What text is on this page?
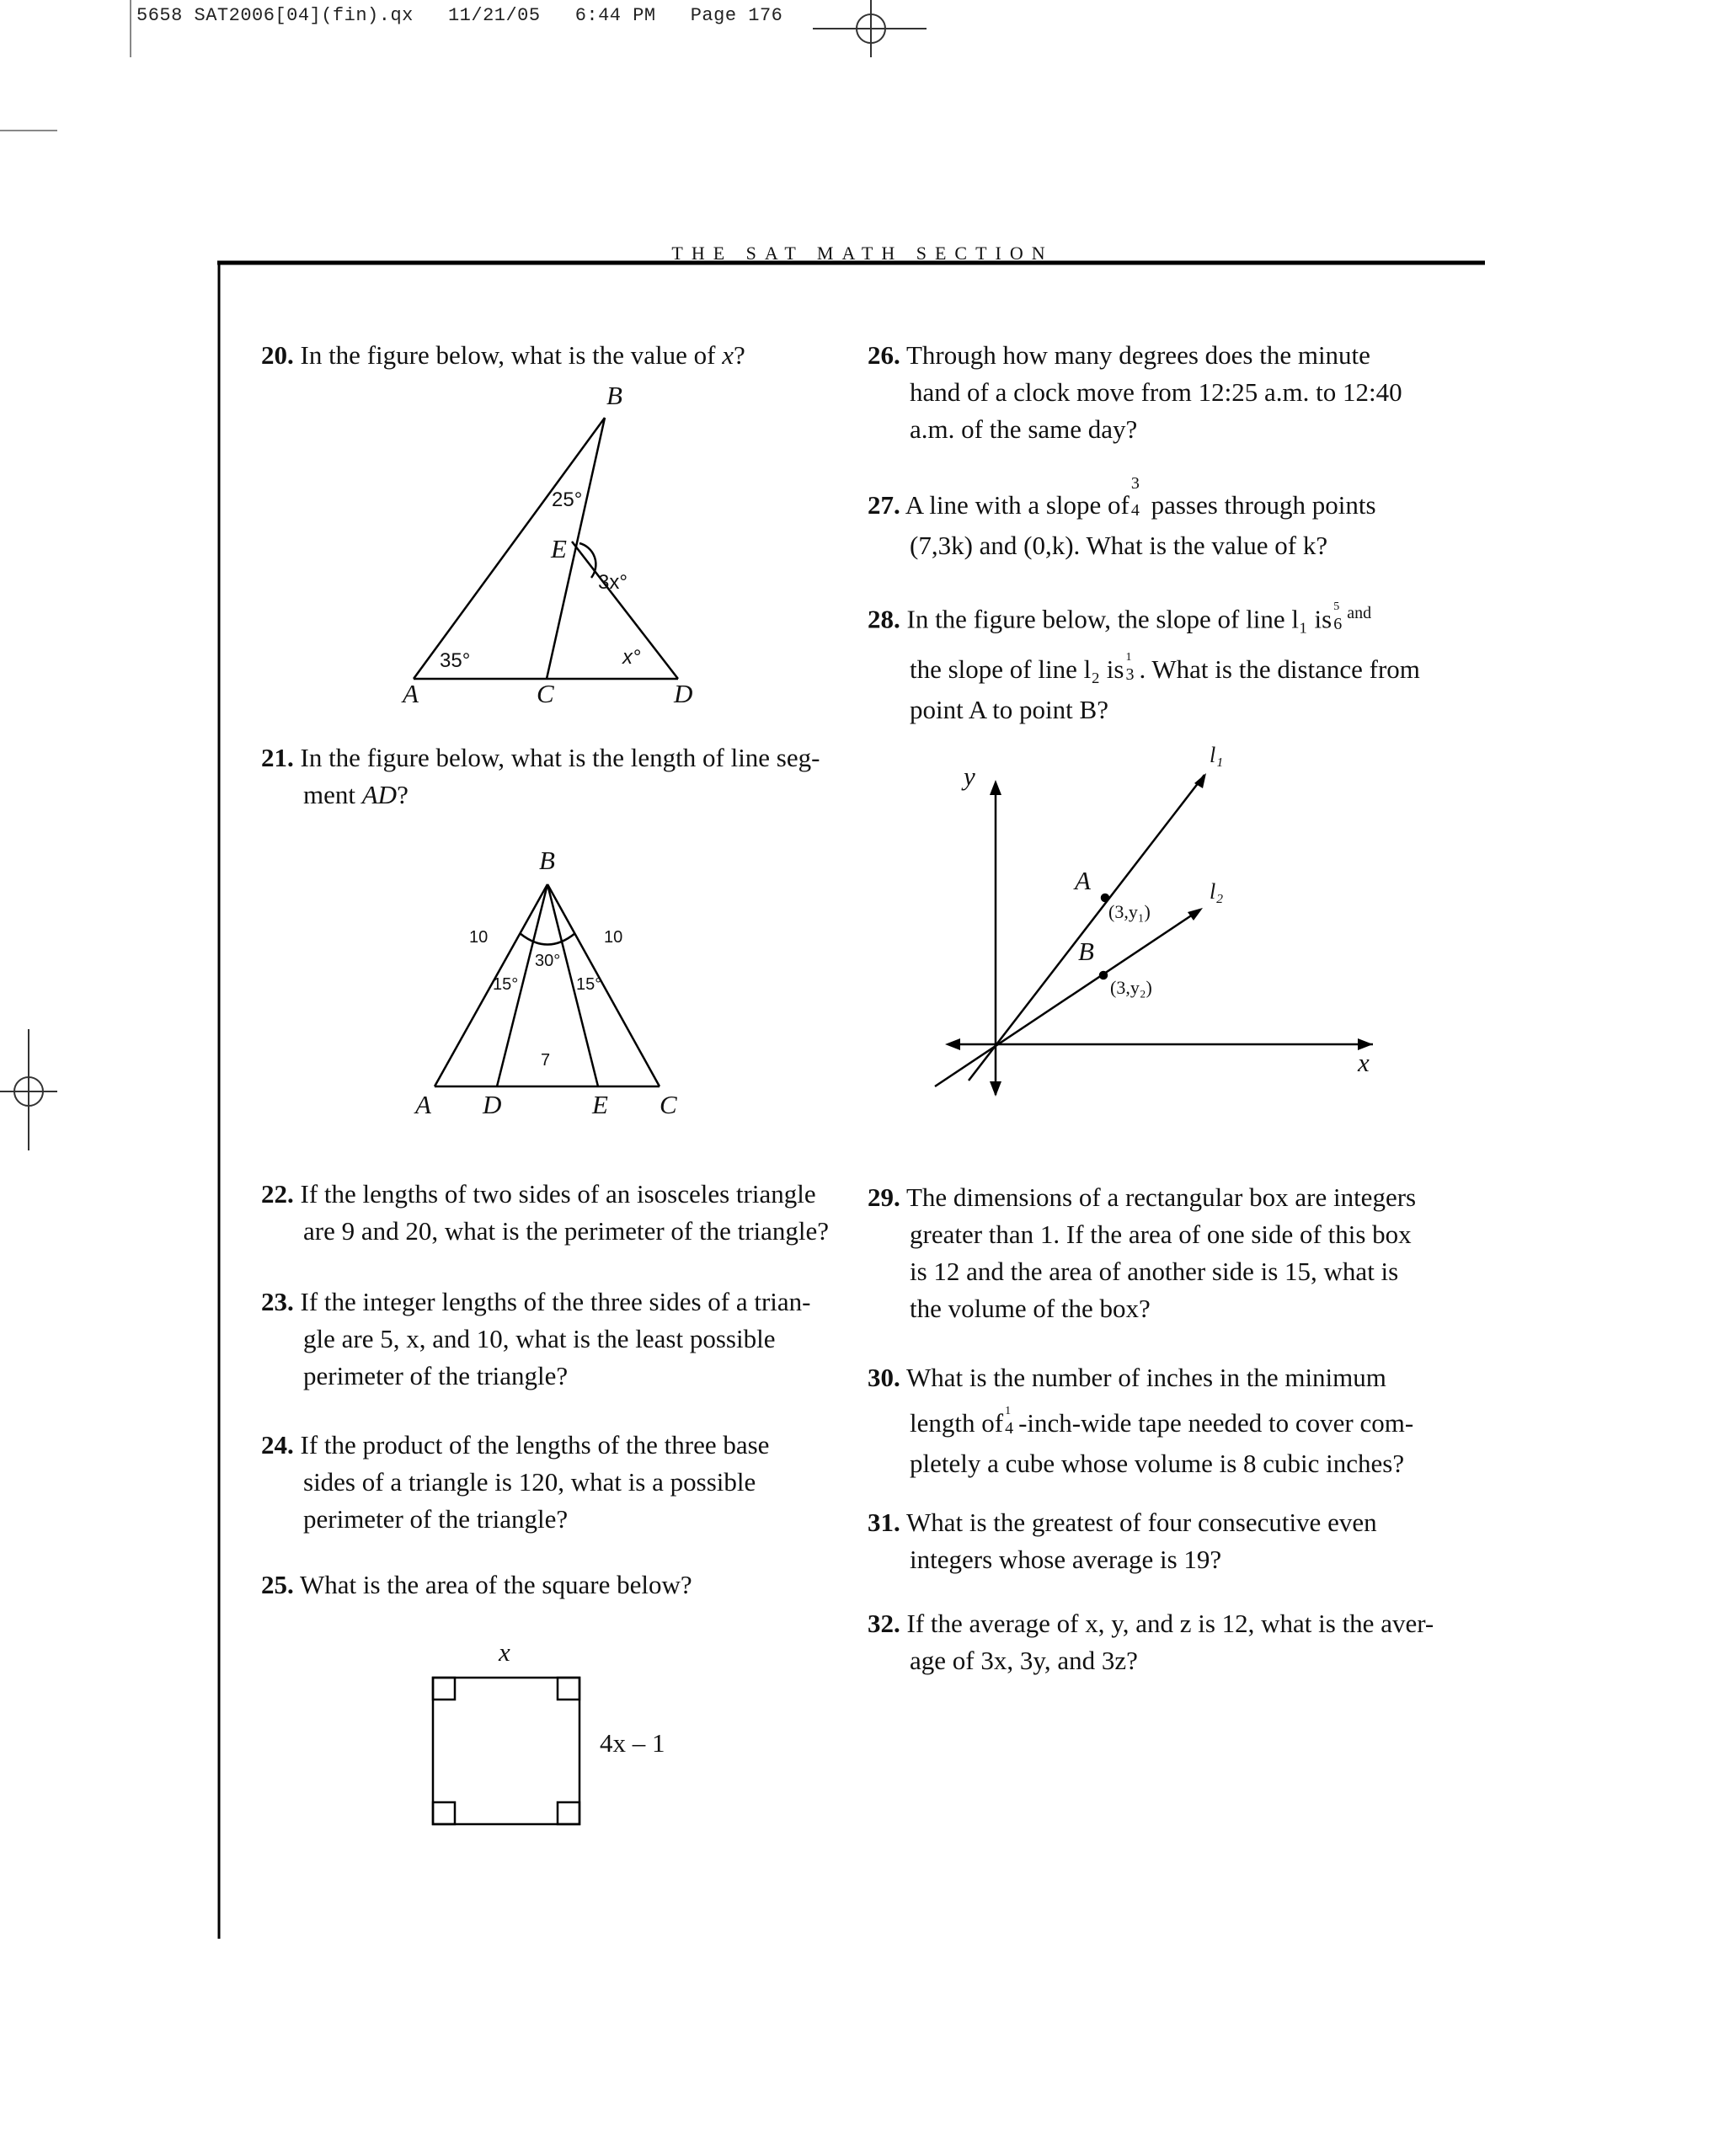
5658 SAT2006[04](fin).qx 11/21/05 6:44 PM Page 176
THE SAT MATH SECTION
20. In the figure below, what is the value of x?
B
E
A	C	D
25°
3x°
35°	x°
21. In the figure below, what is the length of line seg-
ment AD?
B
A D	E C
10	10
30°
15°	15°
7
22. If the lengths of two sides of an isosceles triangle
are 9 and 20, what is the perimeter of the triangle?
23. If the integer lengths of the three sides of a trian-
gle are 5, x, and 10, what is the least possible
perimeter of the triangle?
24. If the product of the lengths of the three base
sides of a triangle is 120, what is a possible
perimeter of the triangle?
25. What is the area of the square below?
x
4x – 1
26. Through how many degrees does the minute
hand of a clock move from 12:25 a.m. to 12:40
a.m. of the same day?
27. A line with a slope of
3
4 passes through points
(7,3k) and (0,k). What is the value of k?
28. In the figure below, the slope of line l₁ is 5
6
$^{and}$
the slope of line l₂ is 1
3 . What is the distance from
point A to point B?
y
x
l₁
l₂
A
B
(3,y₁)
(3,y₂)
29. The dimensions of a rectangular box are integers
greater than 1. If the area of one side of this box
is 12 and the area of another side is 15, what is
the volume of the box?
30. What is the number of inches in the minimum
length of 1
4 -inch-wide tape needed to cover com-
pletely a cube whose volume is 8 cubic inches?
31. What is the greatest of four consecutive even
integers whose average is 19?
32. If the average of x, y, and z is 12, what is the aver-
age of 3x, 3y, and 3z?
